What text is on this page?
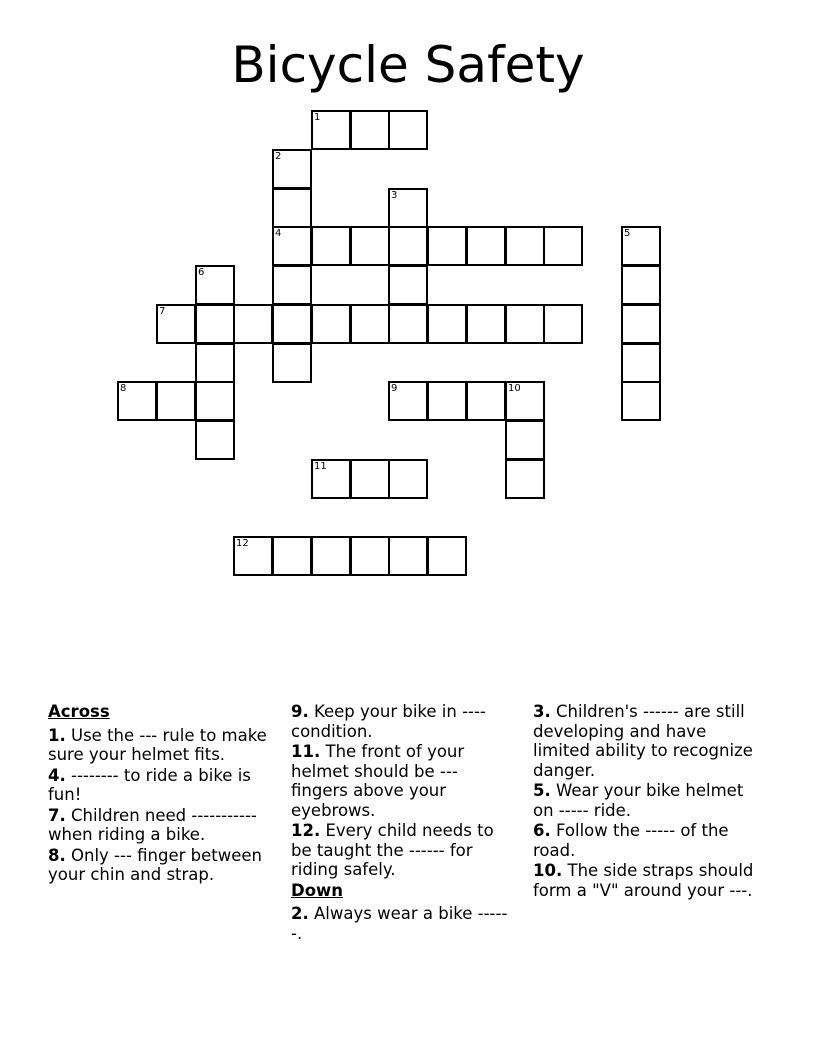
Bicycle Safety
1
4
7
8	9	10
11
12
2
3
5
6
Across
1. Use the --- rule to make sure your helmet fits.
4. -------- to ride a bike is fun!
7. Children need ----------- when riding a bike.
8. Only --- finger between your chin and strap.
9. Keep your bike in ---- condition.
11. The front of your helmet should be --- fingers above your eyebrows.
12. Every child needs to be taught the ------ for riding safely.
Down
2. Always wear a bike ------.
3. Children's ------ are still developing and have limited ability to recognize danger.
5. Wear your bike helmet on ----- ride.
6. Follow the ----- of the road.
10. The side straps should form a "V" around your ---.
